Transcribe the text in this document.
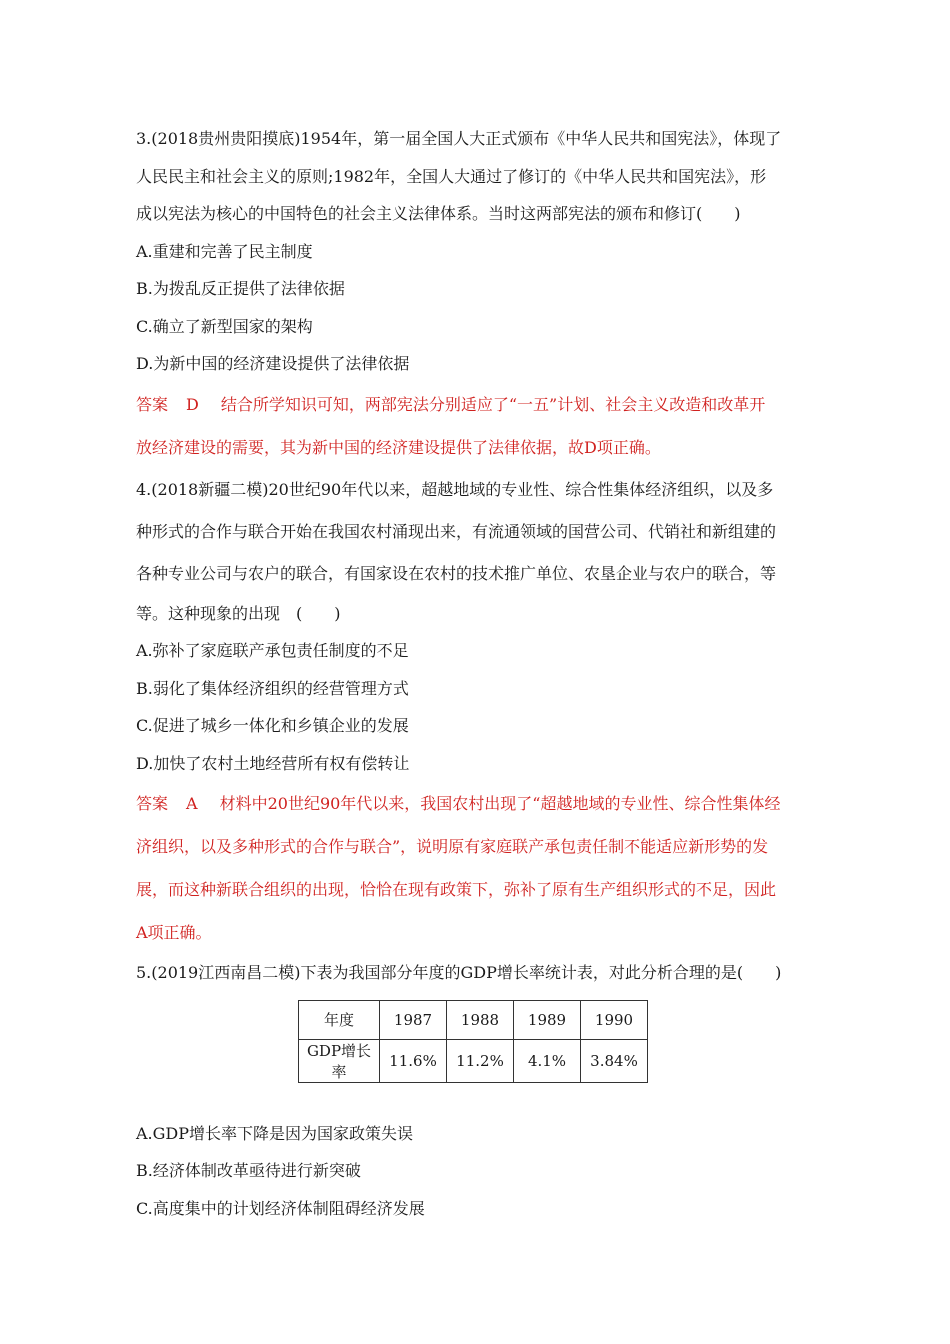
3.(2018贵州贵阳摸底)1954年，第一届全国人大正式颁布《中华人民共和国宪法》，体现了
人民民主和社会主义的原则;1982年，全国人大通过了修订的《中华人民共和国宪法》，形
成以宪法为核心的中国特色的社会主义法律体系。当时这两部宪法的颁布和修订(　　)
A.重建和完善了民主制度
B.为拨乱反正提供了法律依据
C.确立了新型国家的架构
D.为新中国的经济建设提供了法律依据
答案 D 结合所学知识可知，两部宪法分别适应了“一五”计划、社会主义改造和改革开
放经济建设的需要，其为新中国的经济建设提供了法律依据，故D项正确。
4.(2018新疆二模)20世纪90年代以来，超越地域的专业性、综合性集体经济组织，以及多
种形式的合作与联合开始在我国农村涌现出来，有流通领域的国营公司、代销社和新组建的
各种专业公司与农户的联合，有国家设在农村的技术推广单位、农垦企业与农户的联合，等
等。这种现象的出现　(　　)
A.弥补了家庭联产承包责任制度的不足
B.弱化了集体经济组织的经营管理方式
C.促进了城乡一体化和乡镇企业的发展
D.加快了农村土地经营所有权有偿转让
答案 A 材料中20世纪90年代以来，我国农村出现了“超越地域的专业性、综合性集体经
济组织，以及多种形式的合作与联合”，说明原有家庭联产承包责任制不能适应新形势的发
展，而这种新联合组织的出现，恰恰在现有政策下，弥补了原有生产组织形式的不足，因此
A项正确。
5.(2019江西南昌二模)下表为我国部分年度的GDP增长率统计表，对此分析合理的是(　　)
年度	1987	1988	1989	1990
GDP增长率	11.6%	11.2%	4.1%	3.84%
A.GDP增长率下降是因为国家政策失误
B.经济体制改革亟待进行新突破
C.高度集中的计划经济体制阻碍经济发展
